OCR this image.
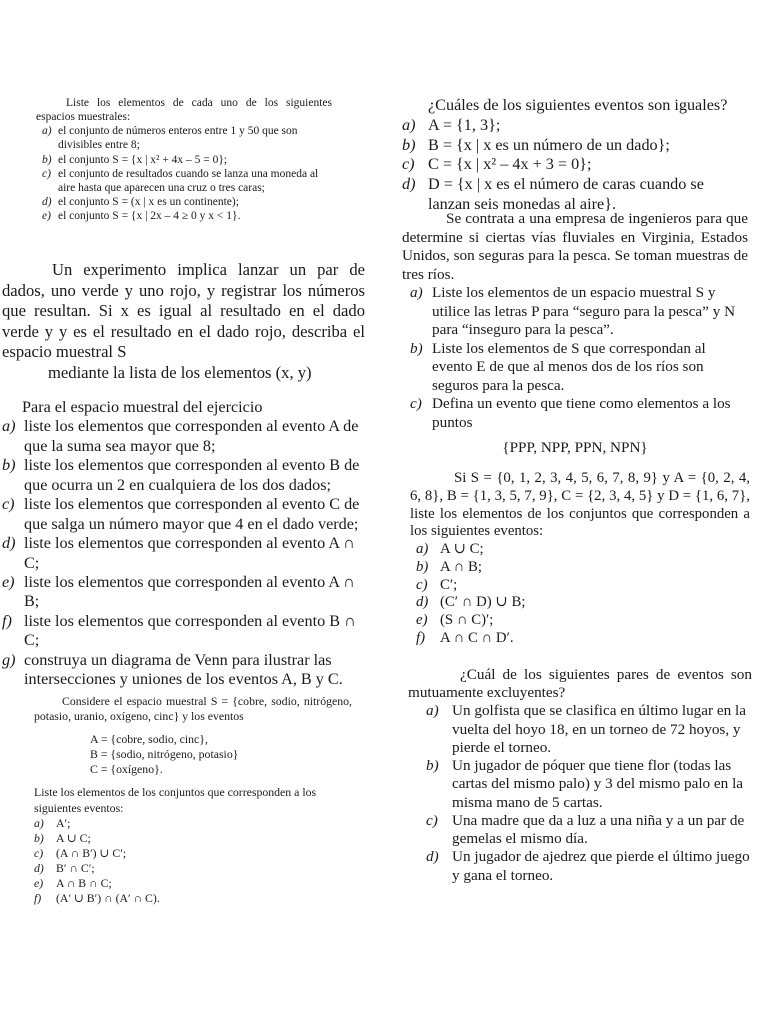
Liste los elementos de cada uno de los siguientes espacios muestrales:

a) el conjunto de números enteros entre 1 y 50 que son divisibles entre 8;
b) el conjunto S = {x | x² + 4x – 5 = 0};
c) el conjunto de resultados cuando se lanza una moneda al aire hasta que aparecen una cruz o tres caras;
d) el conjunto S = (x | x es un continente);
e) el conjunto S = {x | 2x – 4 ≥ 0 y x < 1}.

Un experimento implica lanzar un par de dados, uno verde y uno rojo, y registrar los números que resultan. Si x es igual al resultado en el dado verde y y es el resultado en el dado rojo, describa el espacio muestral S

mediante la lista de los elementos (x, y)

Para el espacio muestral del ejercicio

a) liste los elementos que corresponden al evento A de que la suma sea mayor que 8;
b) liste los elementos que corresponden al evento B de que ocurra un 2 en cualquiera de los dos dados;
c) liste los elementos que corresponden al evento C de que salga un número mayor que 4 en el dado verde;
d) liste los elementos que corresponden al evento A ∩ C;
e) liste los elementos que corresponden al evento A ∩ B;
f) liste los elementos que corresponden al evento B ∩ C;
g) construya un diagrama de Venn para ilustrar las intersecciones y uniones de los eventos A, B y C.

Considere el espacio muestral S = {cobre, sodio, nitrógeno, potasio, uranio, oxígeno, cinc} y los eventos

A = {cobre, sodio, cinc},

B = {sodio, nitrógeno, potasio}

C = {oxígeno}.

Liste los elementos de los conjuntos que corresponden a los siguientes eventos:

a) A′;
b) A ∪ C;
c) (A ∩ B′) ∪ C′;
d) B′ ∩ C′;
e) A ∩ B ∩ C;
f) (A′ ∪ B′) ∩ (A′ ∩ C).

¿Cuáles de los siguientes eventos son iguales?

a) A = {1, 3};
b) B = {x | x es un número de un dado};
c) C = {x | x² – 4x + 3 = 0};
d) D = {x | x es el número de caras cuando se lanzan seis monedas al aire}.

Se contrata a una empresa de ingenieros para que determine si ciertas vías fluviales en Virginia, Estados Unidos, son seguras para la pesca. Se toman muestras de tres ríos.

a) Liste los elementos de un espacio muestral S y utilice las letras P para “seguro para la pesca” y N para “inseguro para la pesca”.
b) Liste los elementos de S que correspondan al evento E de que al menos dos de los ríos son seguros para la pesca.
c) Defina un evento que tiene como elementos a los puntos

{PPP, NPP, PPN, NPN}

Si S = {0, 1, 2, 3, 4, 5, 6, 7, 8, 9} y A = {0, 2, 4, 6, 8}, B = {1, 3, 5, 7, 9}, C = {2, 3, 4, 5} y D = {1, 6, 7}, liste los elementos de los conjuntos que corresponden a los siguientes eventos:

a) A ∪ C;
b) A ∩ B;
c) C′;
d) (C′ ∩ D) ∪ B;
e) (S ∩ C)′;
f) A ∩ C ∩ D′.

¿Cuál de los siguientes pares de eventos son mutuamente excluyentes?

a) Un golfista que se clasifica en último lugar en la vuelta del hoyo 18, en un torneo de 72 hoyos, y pierde el torneo.
b) Un jugador de póquer que tiene flor (todas las cartas del mismo palo) y 3 del mismo palo en la misma mano de 5 cartas.
c) Una madre que da a luz a una niña y a un par de gemelas el mismo día.
d) Un jugador de ajedrez que pierde el último juego y gana el torneo.
